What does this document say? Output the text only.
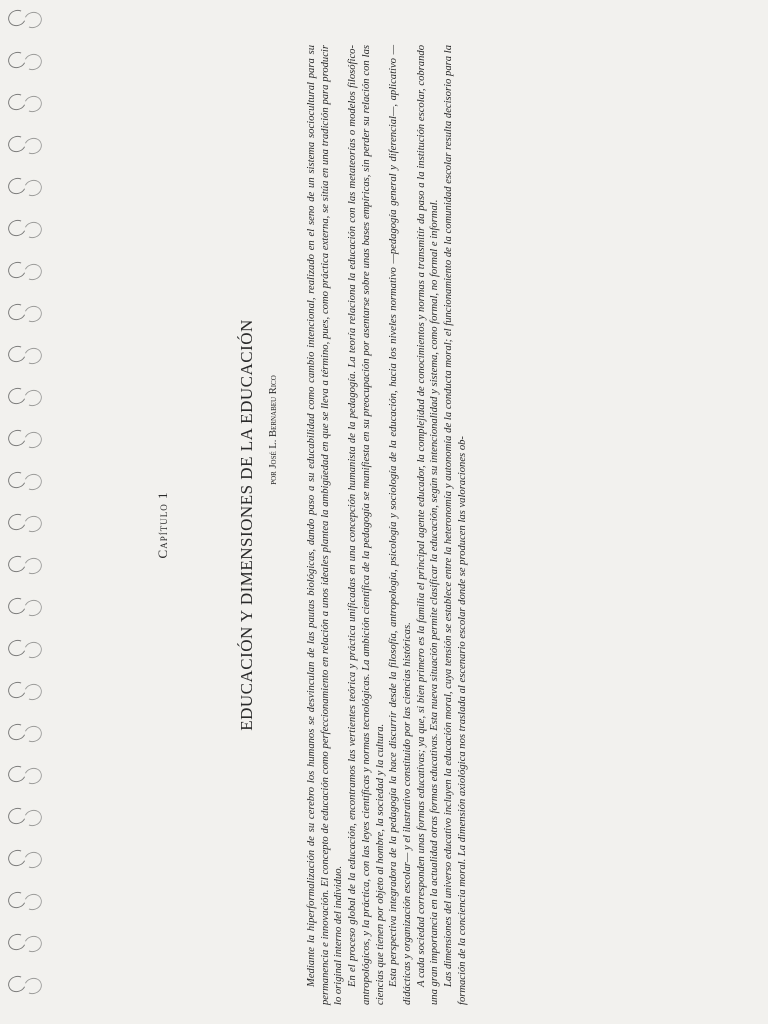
EDUCACIÓN Y DIMENSIONES DE LA EDUCACIÓN por José L. Bernabeu Rico
Capítulo 1	Mediante la hiperformalización de su cerebro los humanos se desvinculan de las pautas biológicas, dando paso a su educabilidad como cambio intencional, realizado en el seno de un sistema sociocultural para su permanencia e innovación. El concepto de educación como perfeccionamiento en relación a unos ideales plantea la ambigüedad en que se lleva a término, pues, como práctica externa, se sitúa en una tradición para producir lo original interno del individuo. En el proceso global de la educación, encontramos las vertientes teórica y práctica unificadas en una concepción humanista de la pedagogía. La teoría relaciona la educación con las metateorías o modelos filosófico-antropológicos, y la práctica, con las leyes científicas y normas tecnológicas. La ambición científica de la pedagogía se manifiesta en su preocupación por asentarse sobre unas bases empíricas, sin perder su relación con las ciencias que tienen por objeto al hombre, la sociedad y la cultura. Esta perspectiva integradora de la pedagogía la hace discurrir desde la filosofía, antropología, psicología y sociología de la educación, hacia los niveles normativo —pedagogía general y diferencial—, aplicativo —didácticas y organización escolar— y el ilustrativo constituido por las ciencias históricas. A cada sociedad corresponden unas formas educativas; ya que, si bien primero es la familia el principal agente educador, la complejidad de conocimientos y normas a transmitir da paso a la institución escolar, cobrando una gran importancia en la actualidad otras formas educativas. Esta nueva situación permite clasificar la educación, según su intencionalidad y sistema, como formal, no formal e informal. Las dimensiones del universo educativo incluyen la educación moral, cuya tensión se establece entre la heteronomía y autonomía de la conducta moral; el funcionamiento de la comunidad escolar resulta decisorio para la formación de la conciencia moral. La dimensión axiológica nos traslada al escenario escolar donde se producen las valoraciones ob-
